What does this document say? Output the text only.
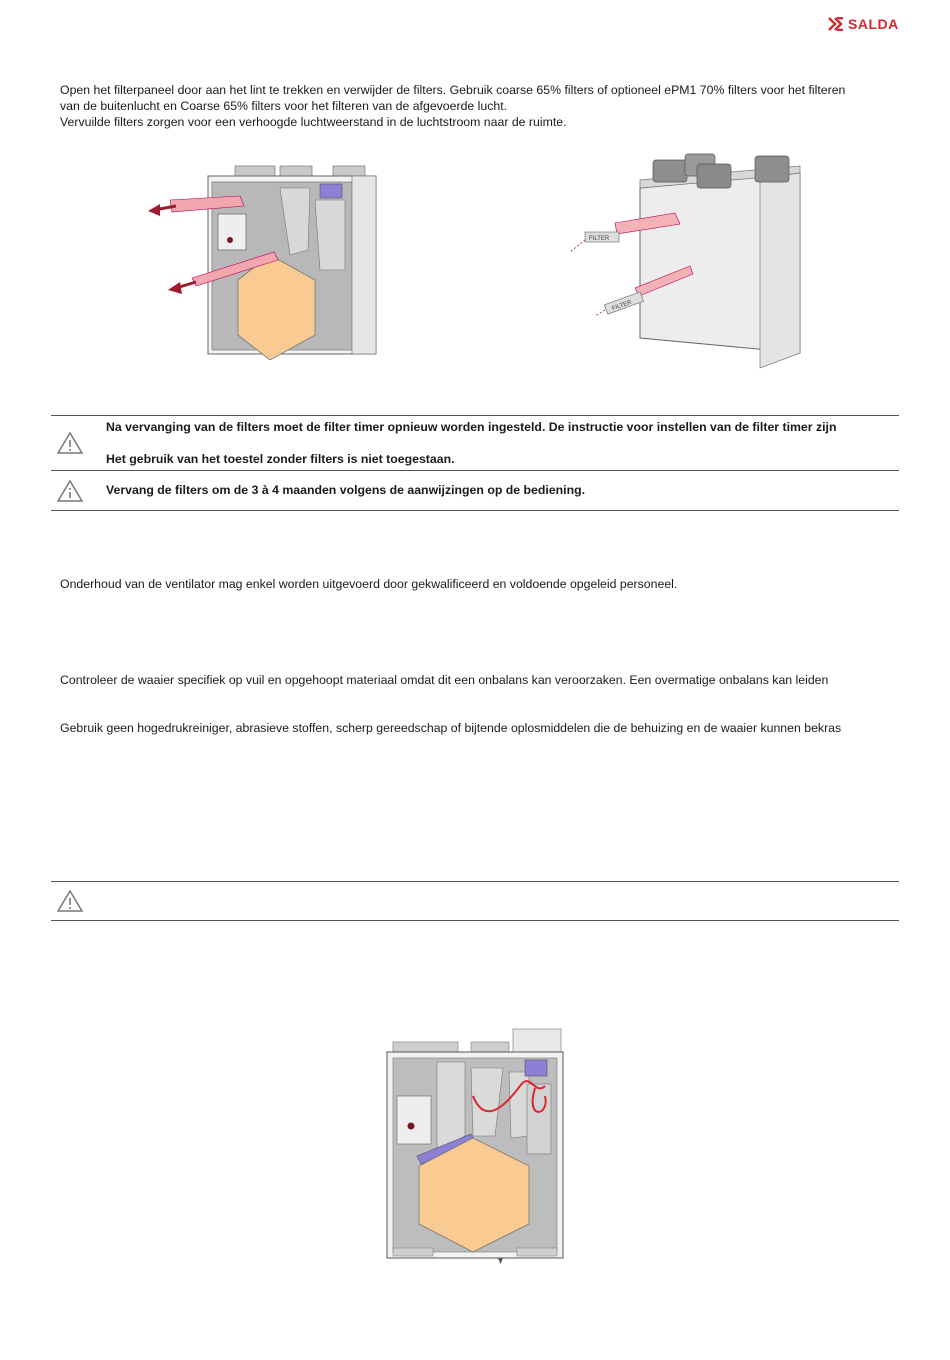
SALDA
Open het filterpaneel door aan het lint te trekken en verwijder de filters. Gebruik coarse 65% filters of optioneel ePM1 70% filters voor het filteren
van de buitenlucht en Coarse 65% filters voor het filteren van de afgevoerde lucht.
Vervuilde filters zorgen voor een verhoogde luchtweerstand in de luchtstroom naar de ruimte.
FILTER
FILTER
Na vervanging van de filters moet de filter timer opnieuw worden ingesteld. De instructie voor instellen van de filter timer zijn
Het gebruik van het toestel zonder filters is niet toegestaan.
Vervang de filters om de 3 à 4 maanden volgens de aanwijzingen op de bediening.
Onderhoud van de ventilator mag enkel worden uitgevoerd door gekwalificeerd en voldoende opgeleid personeel.
Controleer de waaier specifiek op vuil en opgehoopt materiaal omdat dit een onbalans kan veroorzaken. Een overmatige onbalans kan leiden
Gebruik geen hogedrukreiniger, abrasieve stoffen, scherp gereedschap of bijtende oplosmiddelen die de behuizing en de waaier kunnen bekras
